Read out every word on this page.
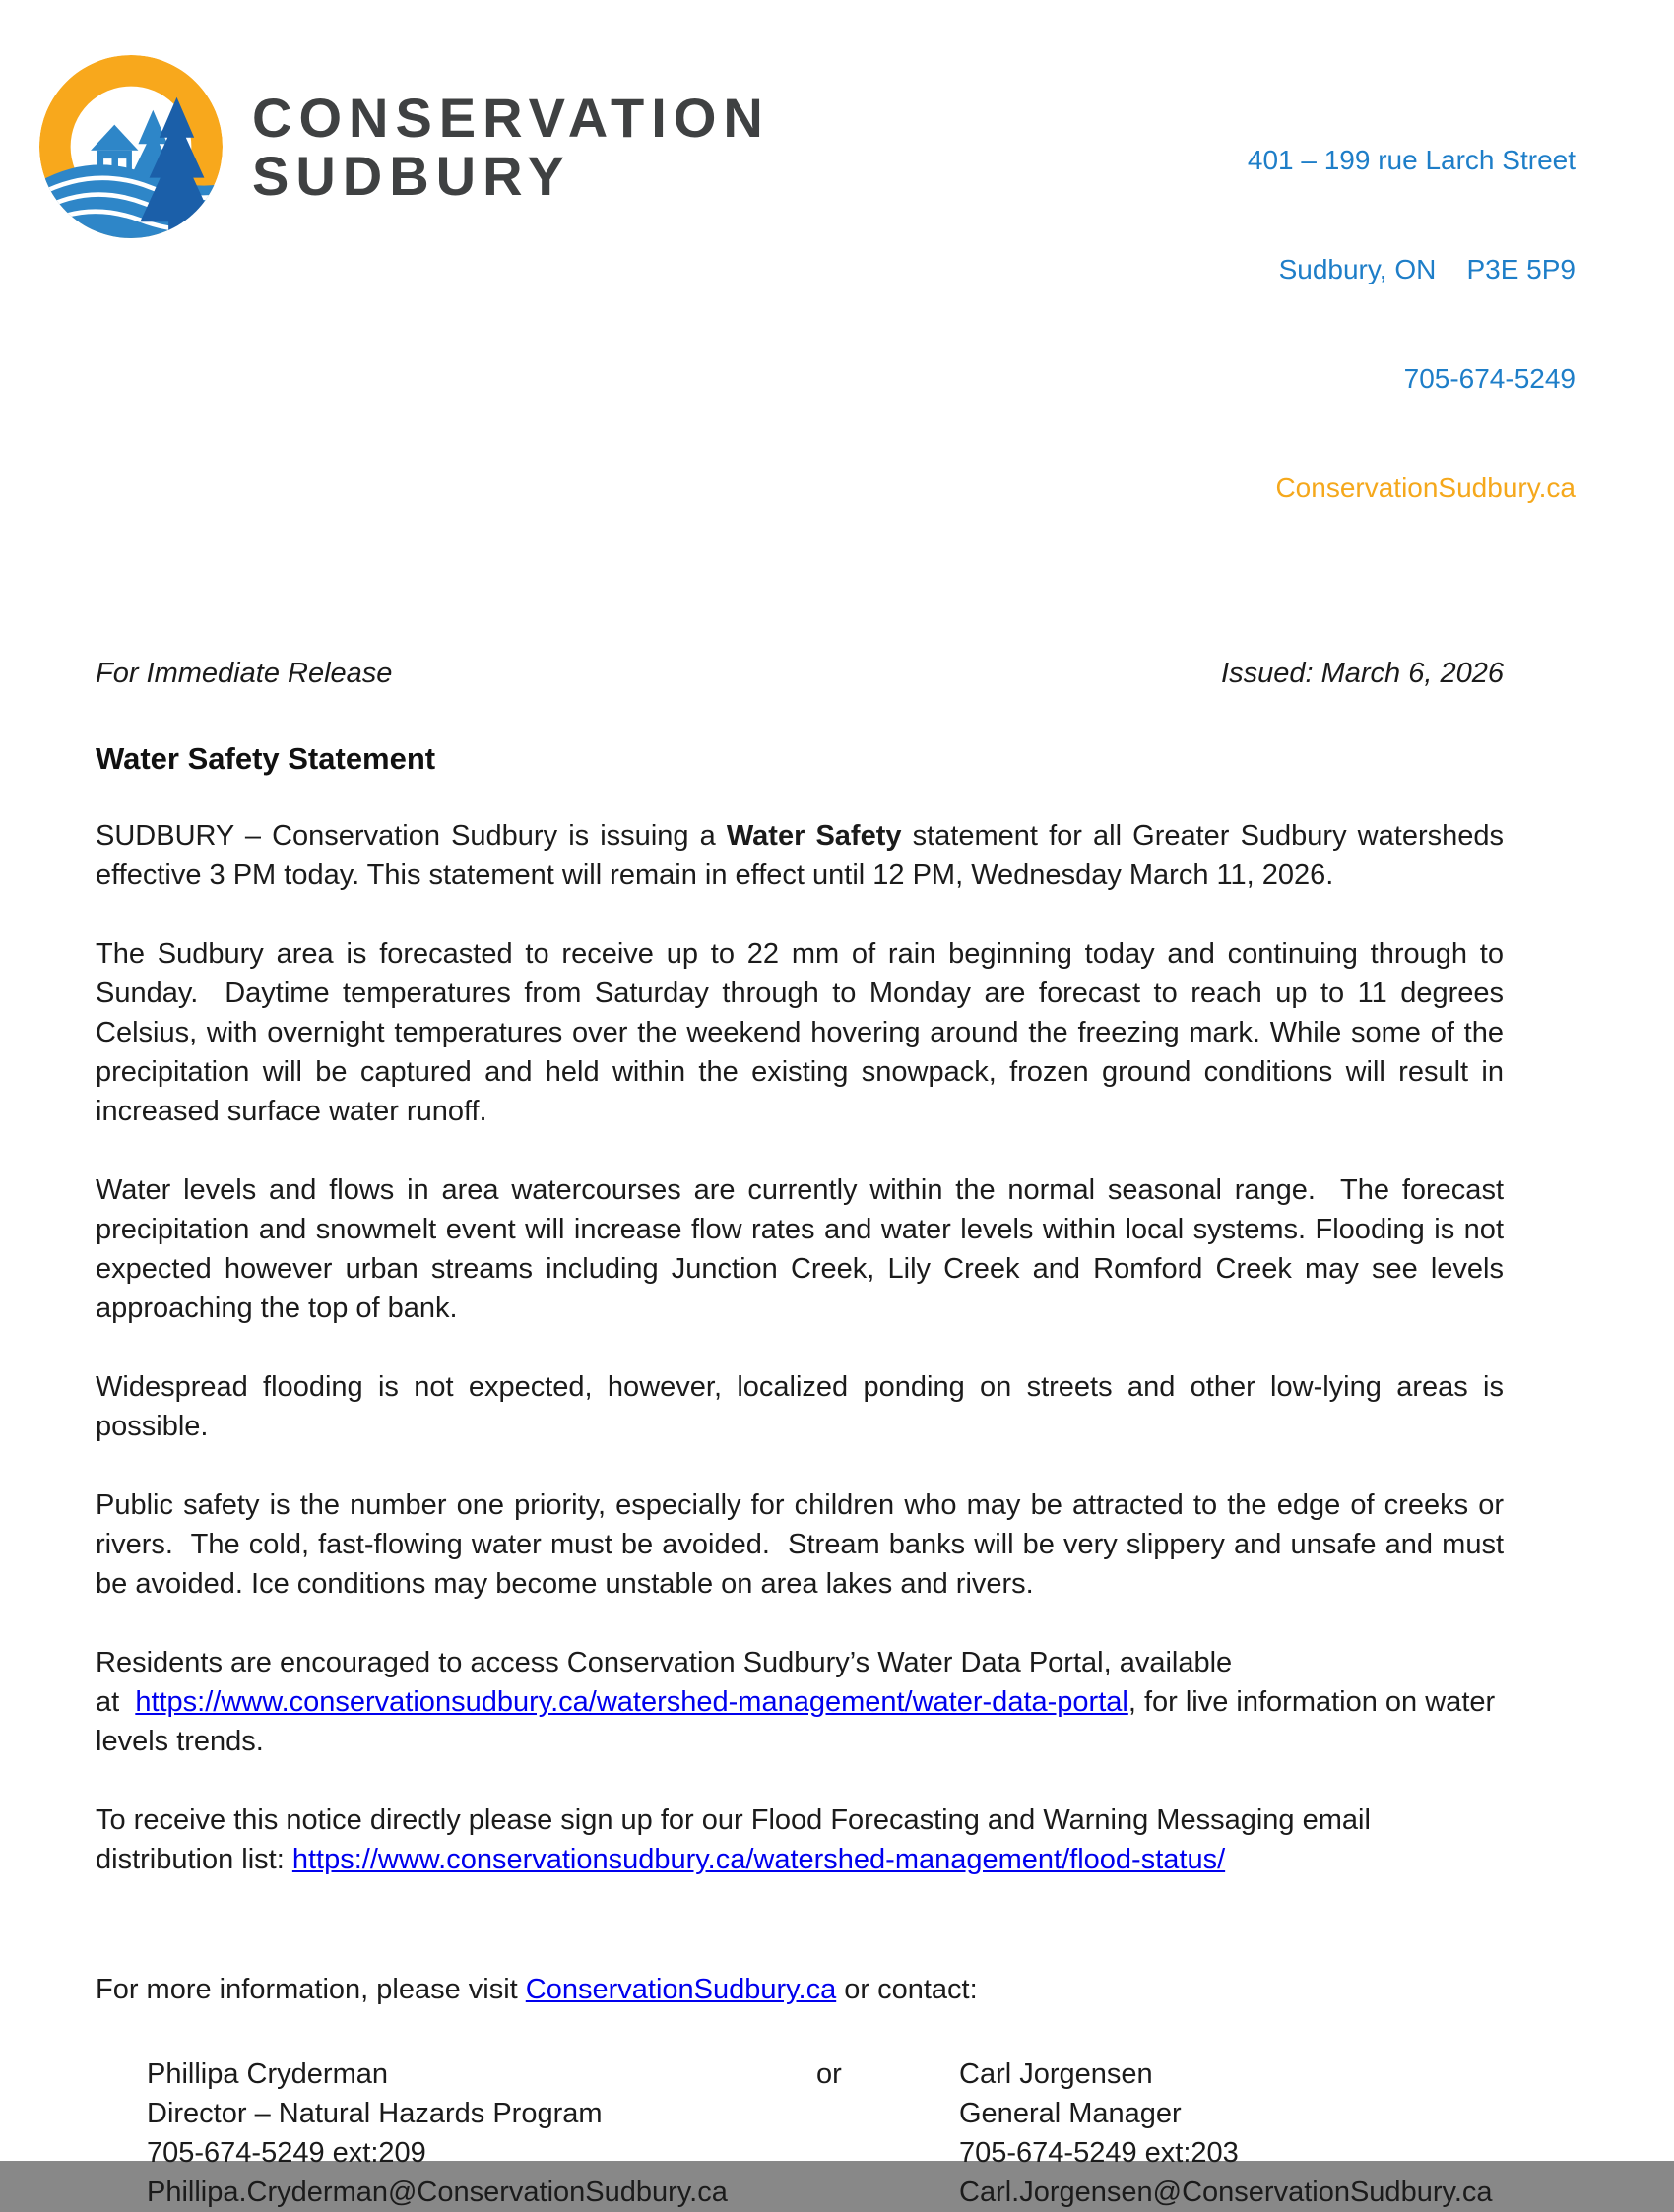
CONSERVATION
SUDBURY

	401 – 199 rue Larch Street

Sudbury, ON    P3E 5P9

705-674-5249

ConservationSudbury.ca

For Immediate Release	Issued: March 6, 2026
Water Safety Statement

SUDBURY – Conservation Sudbury is issuing a Water Safety statement for all Greater Sudbury watersheds effective 3 PM today. This statement will remain in effect until 12 PM, Wednesday March 11, 2026.

The Sudbury area is forecasted to receive up to 22 mm of rain beginning today and continuing through to Sunday.  Daytime temperatures from Saturday through to Monday are forecast to reach up to 11 degrees Celsius, with overnight temperatures over the weekend hovering around the freezing mark. While some of the precipitation will be captured and held within the existing snowpack, frozen ground conditions will result in increased surface water runoff.

Water levels and flows in area watercourses are currently within the normal seasonal range.  The forecast precipitation and snowmelt event will increase flow rates and water levels within local systems. Flooding is not expected however urban streams including Junction Creek, Lily Creek and Romford Creek may see levels approaching the top of bank.

Widespread flooding is not expected, however, localized ponding on streets and other low-lying areas is possible.

Public safety is the number one priority, especially for children who may be attracted to the edge of creeks or rivers.  The cold, fast-flowing water must be avoided.  Stream banks will be very slippery and unsafe and must be avoided. Ice conditions may become unstable on area lakes and rivers.

Residents are encouraged to access Conservation Sudbury’s Water Data Portal, available
at  https://www.conservationsudbury.ca/watershed-management/water-data-portal, for live information on water levels trends.

To receive this notice directly please sign up for our Flood Forecasting and Warning Messaging email
distribution list: https://www.conservationsudbury.ca/watershed-management/flood-status/

For more information, please visit ConservationSudbury.ca or contact:

Phillipa Cryderman
Director – Natural Hazards Program
705-674-5249 ext:209
Phillipa.Cryderman@ConservationSudbury.ca
or	Carl Jorgensen
General Manager
705-674-5249 ext:203
Carl.Jorgensen@ConservationSudbury.ca
